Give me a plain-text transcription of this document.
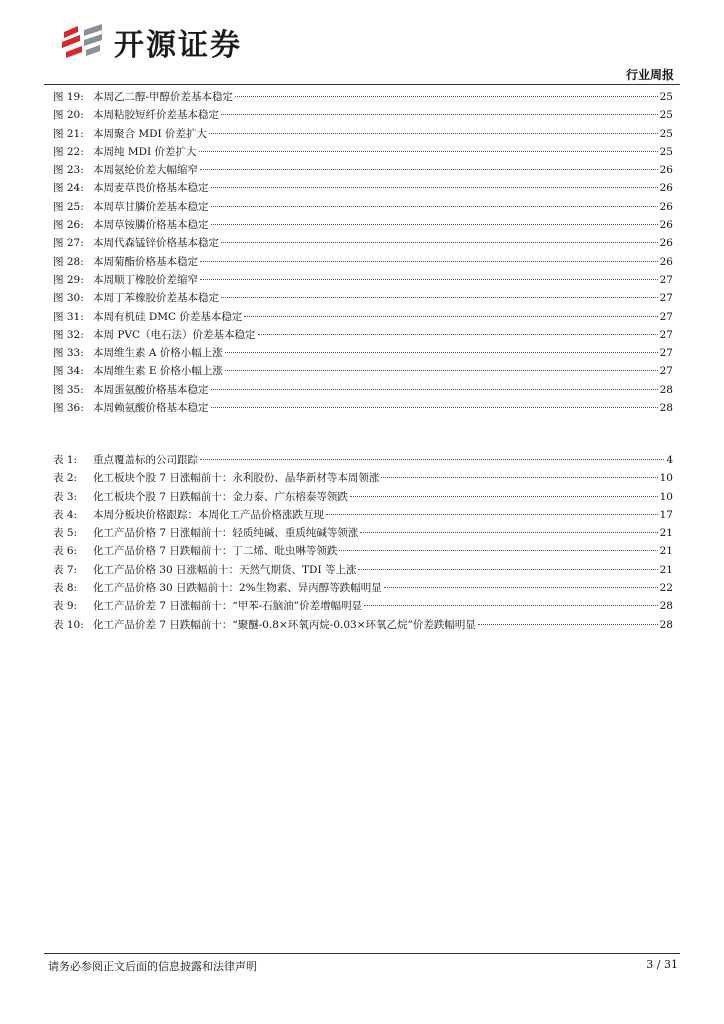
开源证券
行业周报
图 19: 本周乙二醇-甲醇价差基本稳定	25
图 20: 本周粘胶短纤价差基本稳定	25
图 21: 本周聚合 MDI 价差扩大	25
图 22: 本周纯 MDI 价差扩大	25
图 23: 本周氨纶价差大幅缩窄	26
图 24: 本周麦草畏价格基本稳定	26
图 25: 本周草甘膦价差基本稳定	26
图 26: 本周草铵膦价格基本稳定	26
图 27: 本周代森锰锌价格基本稳定	26
图 28: 本周菊酯价格基本稳定	26
图 29: 本周顺丁橡胶价差缩窄	27
图 30: 本周丁苯橡胶价差基本稳定	27
图 31: 本周有机硅 DMC 价差基本稳定	27
图 32: 本周 PVC（电石法）价差基本稳定	27
图 33: 本周维生素 A 价格小幅上涨	27
图 34: 本周维生素 E 价格小幅上涨	27
图 35: 本周蛋氨酸价格基本稳定	28
图 36: 本周赖氨酸价格基本稳定	28
表 1:	重点覆盖标的公司跟踪	4
表 2:	化工板块个股 7 日涨幅前十：永利股份、晶华新材等本周领涨	10
表 3:	化工板块个股 7 日跌幅前十：金力泰、广东榕泰等领跌	10
表 4:	本周分板块价格跟踪：本周化工产品价格涨跌互现	17
表 5:	化工产品价格 7 日涨幅前十：轻质纯碱、重质纯碱等领涨	21
表 6:	化工产品价格 7 日跌幅前十：丁二烯、吡虫啉等领跌	21
表 7:	化工产品价格 30 日涨幅前十：天然气期货、TDI 等上涨	21
表 8:	化工产品价格 30 日跌幅前十：2%生物素、异丙醇等跌幅明显	22
表 9:	化工产品价差 7 日涨幅前十：“甲苯-石脑油”价差增幅明显	28
表 10: 化工产品价差 7 日跌幅前十：“聚醚-0.8×环氧丙烷-0.03×环氧乙烷”价差跌幅明显	28
请务必参阅正文后面的信息披露和法律声明	3 / 31
